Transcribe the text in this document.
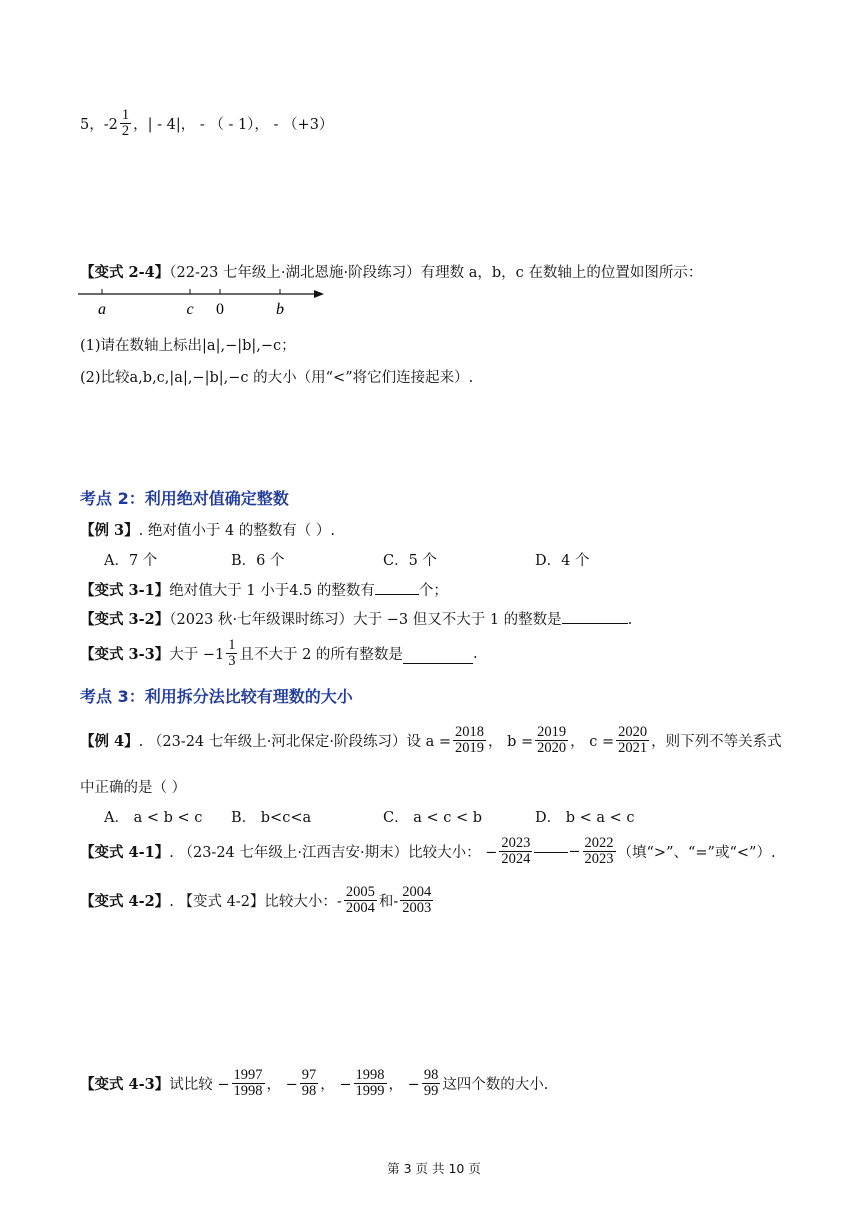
5，$-2 \frac{1}{2}$ ，| - 4|， - （ - 1）， - （+3）
【变式 2-4】（22-23 七年级上·湖北恩施·阶段练习）有理数 a，b，c 在数轴上的位置如图所示：
a	c 0	b
(1)请在数轴上标出|a|,−|b|,−c；
(2)比较a,b,c,|a|,−|b|,−c 的大小（用“<”将它们连接起来）.
考点 2：利用绝对值确定整数
【例 3】. 绝对值小于 4 的整数有（ ）.
A．7 个	B．6 个	C．5 个	D．4 个
【变式 3-1】绝对值大于 1 小于4.5 的整数有	个；
【变式 3-2】（2023 秋·七年级课时练习）大于 −3 但又不大于 1 的整数是	.
【变式 3-3】 大于 $-1 \frac{1}{3}$ 且不大于 2 的所有整数是	.
考点 3：利用拆分法比较有理数的大小
【例 4】 . （23-24 七年级上·河北保定·阶段练习）设 $a = \frac{2018}{2019}$ ， $b = \frac{2019}{2020}$ ， $c = \frac{2020}{2021}$ ，则下列不等关系式
中正确的是（ ）
A． a < b < c	B． b<c<a	C． a < c < b	D． b < a < c
【变式 4-1】 . （23-24 七年级上·江西吉安·期末）比较大小： − $\frac{2023}{2024} - \frac{2022}{2023}$ （填“>”、“=”或“<”）.
【变式 4-2】 . 【变式 4-2】比较大小：- $\frac{2005}{2004}$ 和- $\frac{2004}{2003}$
【变式 4-3】 试比较 − $\frac{1997}{1998}$ ， − $\frac{97}{98}$ ， − $\frac{1998}{1999}$ ， − $\frac{98}{99}$ 这四个数的大小.
第 3 页 共 10 页
